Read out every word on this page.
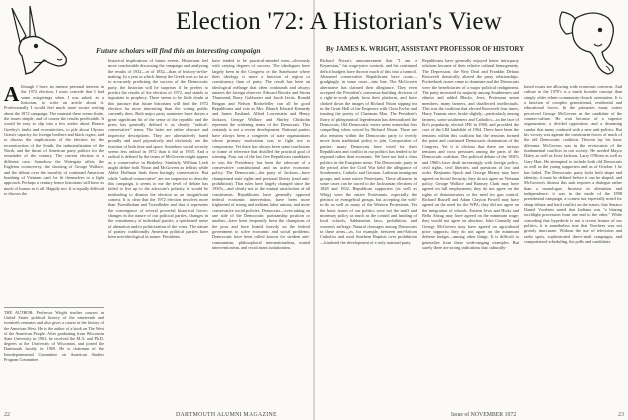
Election '72: A Historian's View
Future scholars will find this an interesting campaign	By JAMES K. WRIGHT, ASSISTANT PROFESSOR OF HISTORY
Although I have an intense personal interest in the 1972 election, I must concede that I had some misgivings when I was asked, as a historian, to write an article about it. Professionally I would feel much more secure writing about the 1872 campaign. The material there seems finite, the issues simple, and of course the results predictable. It would be easy to slip into a few asides about Horace Greeley's faults and eccentricities, to pile about Ulysses Grant's capacity for foreign brothers and black cigars, and to discuss the implications of the election for the reconstruction of the South, the industrialization of the North, and the thrust of American party politics for the remainder of the century. The current election is a different case. Somehow the Watergate affair, the Eagleton controversy, the shooting of George Wallace, and the debate over the morality of continued American bombing of Vietnam can't be fit themselves to a fight approach. Perhaps a century hence historians will have as much of humor as it all. Happily not. It is equally difficult to discuss the
THE AUTHOR: Professor Wright teaches courses in United States political history of the nineteenth and twentieth centuries and also gives a course in the history of the American West. He is the author of a book on The West of the American People. After graduating from Wisconsin State University in 1963, he received the M.A. and Ph.D. degrees at the University of Wisconsin, and joined the Dartmouth faculty in 1969. He is chairman of the Interdepartmental Committee on American Studies Program Committee.
historical implications of future events. Historians feel more comfortable discussing the campaign and analyzing the results of 1932—or of 1832—than of history-in-the-making. In a year in which Jimmy the Greek was so far as to accurately predicting the success of the Democratic party, the historian will be surprises if he prefers to predict the results of the election of 1972, and stands to ingratiate to prophecy. There seems to be little doubt at this juncture that future historians will find the 1972 election far more interesting than the voting public currently does. Both major party nominees have drawn a great significant bit of the sense of the republic and the press has generally defined it as clearly "radical-conservative" terms. The latter are rather obscure and imprecise descriptions. They are alternatively hated proudly and used pejoratively and obviously are the function of both time and space. Somehow social security seems less radical in 1972 than it did in 1935. And a radical is defined by the terms of McGovern might appear as a conservative in Berkeley. Similarly William Loeb might define both Nixon and McGovern as leftists while Abbie Hoffman finds them boringly conservative. But while "radical-conservative" are too imprecise to describe this campaign, it seems to me the level of debate has failed to live up to the advocate's polarity, it would be misleading to dismiss the election as an insignificant contest. It is clear that the 1972 election involves more than Tweedledum and Tweedledee and that it represents the convergence of several powerful historical forces: changes in the nature of our political parties, changes in the constituency of individual parties, a quickened sense of alienation and/or politicization of the voter. The nature of parties: traditionally American political parties have been non-ideological in nature. Presidents
have tended to be practical-minded men—obviously with varying degrees of success. The ideologues have largely been in the Congress or the Statehouse where their ideology is more a function of region or constituency than of party. The result has been an ideological mélange that often confounds and always amazes the foreign observer. Edward Brooke and Strom Thurmond, Barry Goldwater and Jacob Javits, Ronald Reagan and Nelson Rockefeller can all be good Republicans and vote as Mrs. Blanch Edward Kennedy and James Eastland, Allard Lowenstein and Henry Jackson, George Wallace and Shirley Chisholm represent the widening terms of the Democrats. This certainly is not a recent development. National parties have always been a congeries of state organizations whose primary motivation was to fight not to compromise. Yet there has always been some touchstone or frame of reference that distilled the practical goal of winning. Four out of the last five Republican candidates to win the Presidency has been the advocate of a conservative constitutional and an active economic policy. The Democratic—the party of Jackson—have championed state rights and personal liberty (read anti-prohibition). That rules have largely changed since the 1930's—and clearly not to the mutual satisfaction of all constituents. Republicans have generally opposed federal economic intervention, have been more frightened of strong and militant labor unions, and more conservative social policies. Democrats—even taking on one side of the Democratic partisanship position or another—have been frequently been the champions of the poor and have leaned heavily on the federal government to solve economic and social problems. Democratic have been called known for strident anti-communism, philosophical internationalism, muted interventionism, and recalcitrant isolationism.
Richard Nixon's announcement that "I am a Keynesian," his wage-price controls, and his continued deficit budgets have thrown much of this into a turmoil. Alienated conservative Republicans have come—grudgingly, in some cases—into line. The McGovern alternative has claimed their allegiance. They even accepted the President's consensus-building decision of a right-to-work plank from their platform, and have choked down the images of Richard Nixon sipping tea in the Great Hall of the Emperors with Chou En-lai and toasting the poetry of Chairman Mao. The President's flurry of phlegmatical legerdemain has demoralized the Democrats. Old Democratic voters seem somewhat less compelling when voiced by Richard Nixon. There are also tensions within the Democratic party to overtly move from traditional policy to join. Composition of parties: many Democrats have voted for their Republicans and conflict in our politics has tended to be regional rather than economic. We have not had a class politics in the European sense. The Democratic party in the period after the Civil War held the allegiance of Southerners, Catholic and German. Lutheran immigrant groups, and some native Protestants. These alliances in some cases can be traced to the Jacksonian elections of 1828 and 1832. Republican supporters (as well as Whig) were the native Protestants, especially the pietistic or evangelical groups, but accepting the well-to-do as well as many of the Western Protestants. Yet the basic issues of our politics were not the tariff and monetary policy as much as the control and funding of local schools, Sabbatarian laws, prohibition, and women's suffrage. Natural cleavages among Democrats in these areas—as, for example, between anti-Saloon Catholics and rural Southern Baptists over prohibition—hindered the development of a truly national party.
Republicans have generally enjoyed better intra-party relations because of their relative cultural homogeneity. The Depression, the New Deal and Franklin Delano Roosevelt drastically altered the party relationships. Pocketbook issues came to dominate and the Democrats were the beneficiaries of a major political realignment. The party increased its majority among Southerners and ethnics and added Blacks, Jews, Protestant union members, many farmers, and disaffected intellectuals. This was the coalition that elected Roosevelt four times, Harry Truman once, broke slightly—particularly among farmers, some southerners and Catholics—in the face of Ike's popularity, elected JFK in 1960, and provided the core of the LBJ landslide of 1964. There have been the tensions within this coalition but the tensions formed the point and continued Democratic domination of the Congress. Yet it is obvious that there are serious tensions and cross pressures among the parts of the Democratic coalition. The political debate of the 1950's and 1960's have dealt increasingly with foreign policy, civil rights, civil liberties, and questions of law and order. Benjamin Spock and George Meany may have agreed on Social Security; they do not agree on Vietnam policy. George Wallace and Ramsey Clark may have agreed on full employment; they do not agree on the rights of demonstrators or the need for gun control. Richard Russell and Adam Clayton Powell may have agreed on the need for the WPA; they did not agree on the integration of schools. Eastern Jews and Hicks and Bella Abzug may have agreed on the minimum wage; they would not agree on abortion. John Connally and George McGovern may have agreed on agricultural price supports; they do not agree on the minimum defense budget—among other things. It is difficult to generalize from these wide-ranging examples. But surely there are strong indications that culturally-
based issues are allowing wide economic concerns. And culture in the 1970's is a much broader concept than simply older ethnic-community-church orientation. It is a function of complex generational, residential and educational forces. In the primaries many voters perceived George McGovern as the candidate of the counter-culture. He won because of a superior organization, a divided opposition, and a disarming candor that many confused with a new anti-politics. But his victory was against the constituent forces of much of the old Democratic coalition. Therein lay his basic dilemma. McGovern was in the revisionists of the fundamental conflicts in our society. He needed Mayor Daley as well as Jesse Jackson, Larry O'Brien as well as Gary Hart. He attempted to include both old Democrats as well as the young supporters and as of October 1 he has failed. The Democratic party lacks both shape and identity; it must be defined before it can be shaped, and McGovern's distrust this task requires a dialogue rather than a monologue. Increase in alienation and independence: it was in the mode of the 1898 presidential campaign, a contest not especially noted for sharp debate and hard conflict on the issues, that Senator Daniel Voorhees noted that Indiana was "a blazing torchlight procession from one end to the other." While conceding that hyperbole is not a recent feature of our politics, it is nonetheless true that Voorhees was not grossly inaccurate. Without the use of television and radio spots, sophisticated direct-mail campaigns, and computerized scheduling, the polls and candidates
22	DARTMOUTH ALUMNI MAGAZINE	Issue of NOVEMBER 1972	23
